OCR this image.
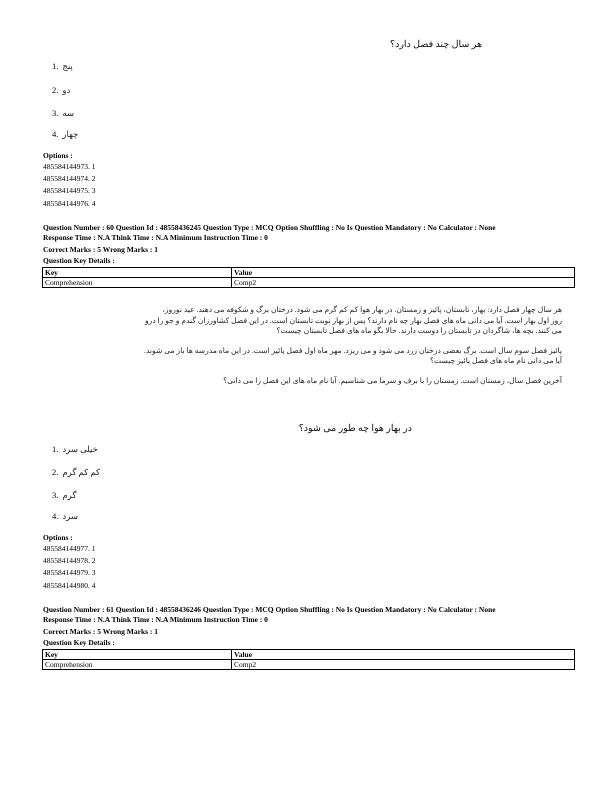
هر سال چند فصل دارد؟
1. پنج
2. دو
3. سه
4. چهار
Options :
485584144973. 1
485584144974. 2
485584144975. 3
485584144976. 4
Question Number : 60 Question Id : 48558436245 Question Type : MCQ Option Shuffling : No Is Question Mandatory : No Calculator : None
Response Time : N.A Think Time : N.A Minimum Instruction Time : 0
Correct Marks : 5 Wrong Marks : 1
Question Key Details :
Key	Value
Comprehension	Comp2
هر سال چهار فصل دارد: بهار، تابستان، پائیز و زمستان. در بهار هوا کم کم گرم می شود. درختان برگ و شکوفه می دهند. عید نوروز،
روز اول بهار است. آیا می دانی ماه های فصل بهار چه نام دارند؟ پس از بهار نوبت تابستان است. در این فصل کشاورزان گندم و جو را درو
می کنند. بچه ها، شاگردان در تابستان را دوست دارند. حالا بگو ماه های فصل تابستان چیست؟
پائیز فصل سوم سال است. برگ بعضی درختان زرد می شود و می ریزد. مهر ماه اول فصل پائیز است. در این ماه مدرسه ها باز می شوند.
آیا می دانی نام ماه های فصل پائیز چیست؟
آخرین فصل سال، زمستان است. زمستان را با برف و سرما می شناسیم. آیا نام ماه های این فصل را می دانی؟
در بهار هوا چه طور می شود؟
1. خیلی سرد
2. کم کم گرم
3. گرم
4. سرد
Options :
485584144977. 1
485584144978. 2
485584144979. 3
485584144980. 4
Question Number : 61 Question Id : 48558436246 Question Type : MCQ Option Shuffling : No Is Question Mandatory : No Calculator : None
Response Time : N.A Think Time : N.A Minimum Instruction Time : 0
Correct Marks : 5 Wrong Marks : 1
Question Key Details :
Key	Value
Comprehension	Comp2
